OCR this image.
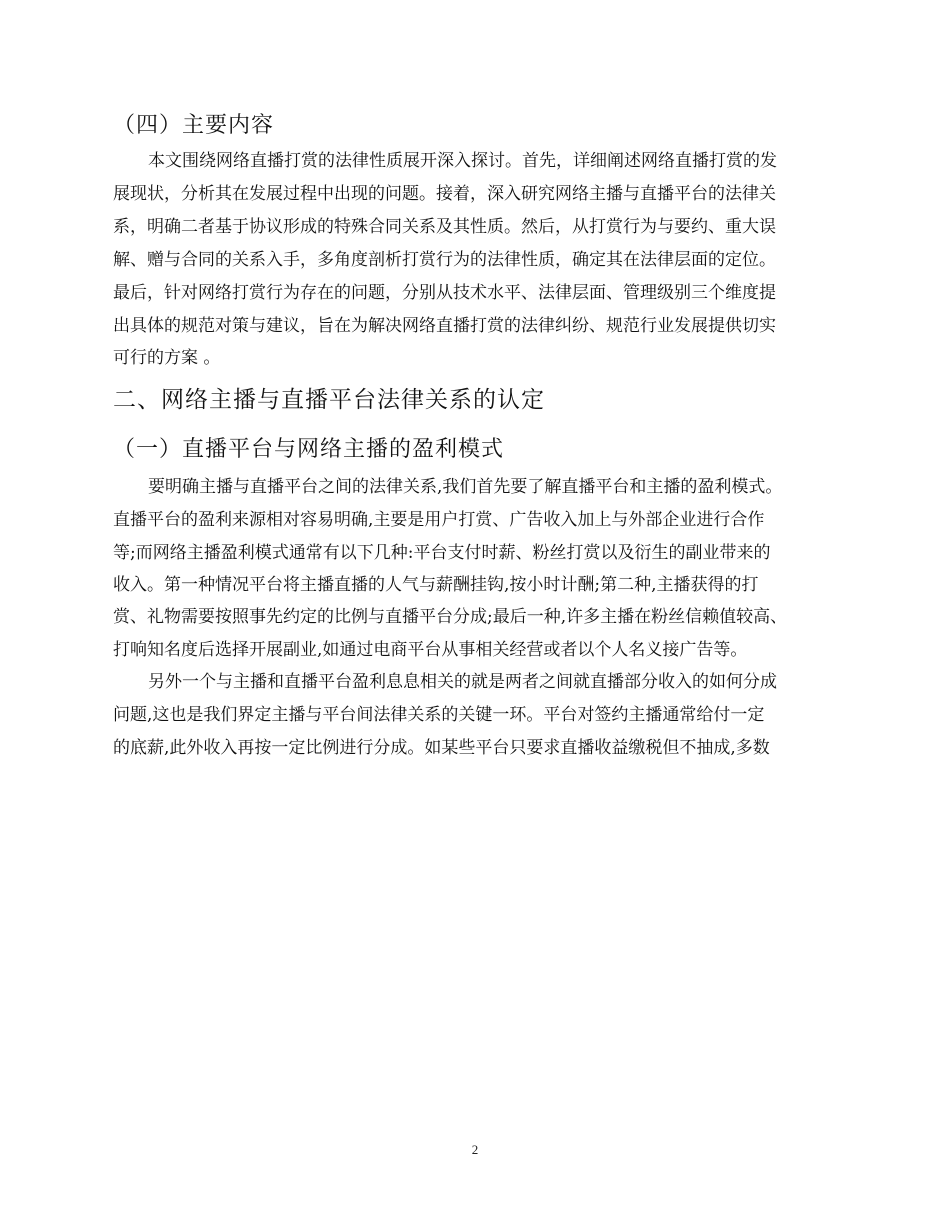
（四）主要内容
本文围绕网络直播打赏的法律性质展开深入探讨。首先，详细阐述网络直播打赏的发
展现状，分析其在发展过程中出现的问题。接着，深入研究网络主播与直播平台的法律关
系，明确二者基于协议形成的特殊合同关系及其性质。然后，从打赏行为与要约、重大误
解、赠与合同的关系入手，多角度剖析打赏行为的法律性质，确定其在法律层面的定位。
最后，针对网络打赏行为存在的问题，分别从技术水平、法律层面、管理级别三个维度提
出具体的规范对策与建议，旨在为解决网络直播打赏的法律纠纷、规范行业发展提供切实
可行的方案 。
二、网络主播与直播平台法律关系的认定
（一）直播平台与网络主播的盈利模式
要明确主播与直播平台之间的法律关系,我们首先要了解直播平台和主播的盈利模式。
直播平台的盈利来源相对容易明确,主要是用户打赏、广告收入加上与外部企业进行合作
等;而网络主播盈利模式通常有以下几种:平台支付时薪、粉丝打赏以及衍生的副业带来的
收入。第一种情况平台将主播直播的人气与薪酬挂钩,按小时计酬;第二种,主播获得的打
赏、礼物需要按照事先约定的比例与直播平台分成;最后一种,许多主播在粉丝信赖值较高、
打响知名度后选择开展副业,如通过电商平台从事相关经营或者以个人名义接广告等。
另外一个与主播和直播平台盈利息息相关的就是两者之间就直播部分收入的如何分成
问题,这也是我们界定主播与平台间法律关系的关键一环。平台对签约主播通常给付一定
的底薪,此外收入再按一定比例进行分成。如某些平台只要求直播收益缴税但不抽成,多数
2
